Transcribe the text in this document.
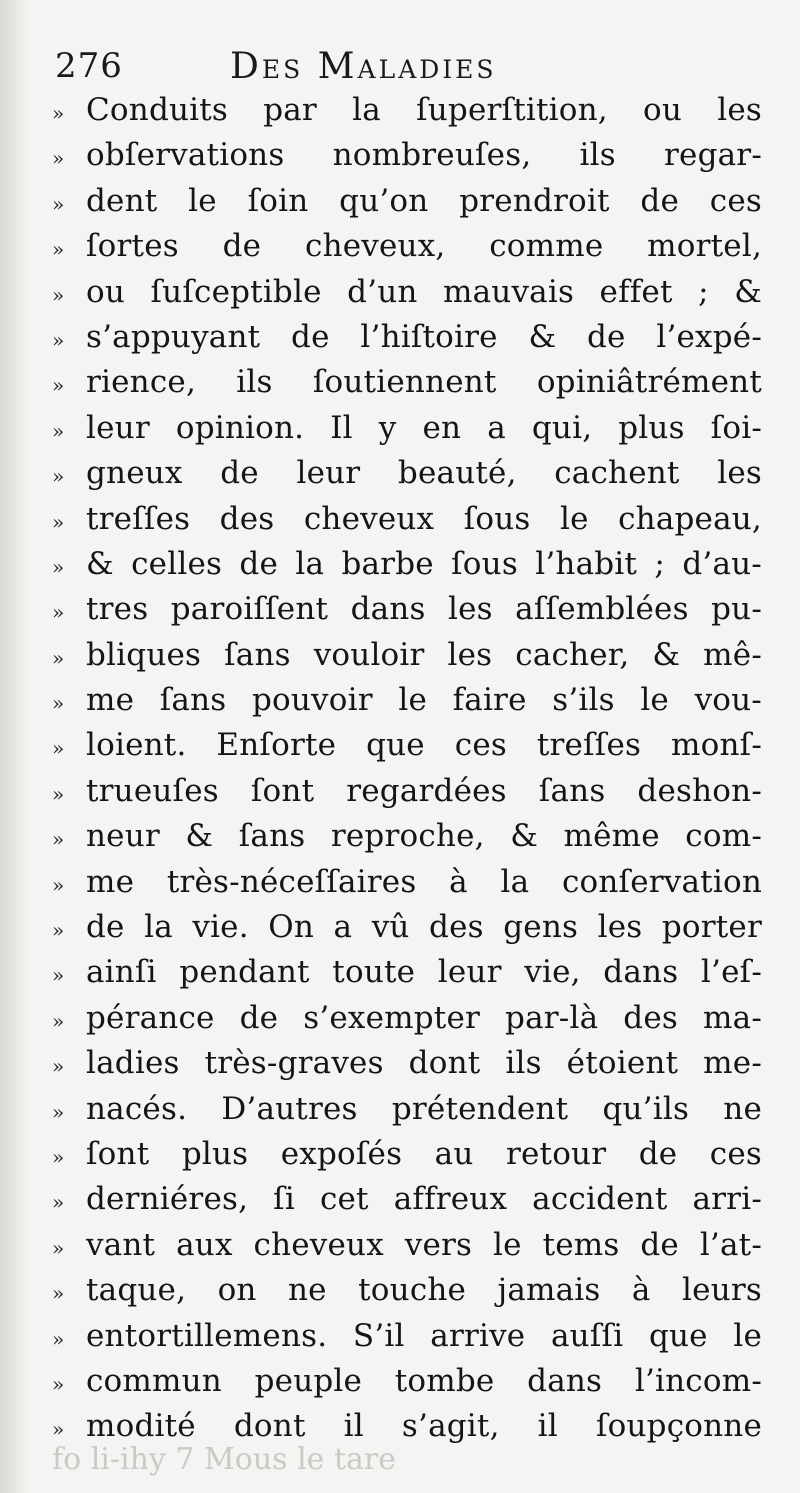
276	Des Maladies
» Conduits par la ſuperſtition, ou les
» obſervations nombreuſes, ils regar-
» dent le ſoin qu’on prendroit de ces
» ſortes de cheveux, comme mortel,
» ou ſuſceptible d’un mauvais effet ; &
» s’appuyant de l’hiſtoire & de l’expé-
» rience, ils ſoutiennent opiniâtrément
» leur opinion. Il y en a qui, plus ſoi-
» gneux de leur beauté, cachent les
» treſſes des cheveux ſous le chapeau,
» & celles de la barbe ſous l’habit ; d’au-
» tres paroiſſent dans les aſſemblées pu-
» bliques ſans vouloir les cacher, & mê-
» me ſans pouvoir le faire s’ils le vou-
» loient. Enſorte que ces treſſes monſ-
» trueuſes ſont regardées ſans deshon-
» neur & ſans reproche, & même com-
» me très-néceſſaires à la conſervation
» de la vie. On a vû des gens les porter
» ainſi pendant toute leur vie, dans l’eſ-
» pérance de s’exempter par-là des ma-
» ladies très-graves dont ils étoient me-
» nacés. D’autres prétendent qu’ils ne
» ſont plus expoſés au retour de ces
» derniéres, ſi cet affreux accident arri-
» vant aux cheveux vers le tems de l’at-
» taque, on ne touche jamais à leurs
» entortillemens. S’il arrive auſſi que le
» commun peuple tombe dans l’incom-
» modité dont il s’agit, il ſoupçonne
fo li-ihy 7 Mous le tare
